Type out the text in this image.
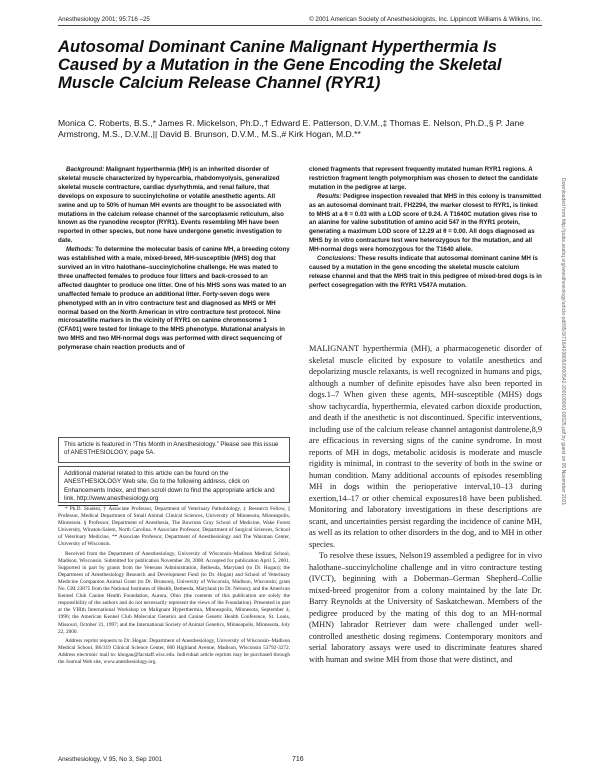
Anesthesiology 2001; 95:716 –25	© 2001 American Society of Anesthesiologists, Inc. Lippincott Williams & Wilkins, Inc.
Autosomal Dominant Canine Malignant Hyperthermia Is Caused by a Mutation in the Gene Encoding the Skeletal Muscle Calcium Release Channel (RYR1)
Monica C. Roberts, B.S.,* James R. Mickelson, Ph.D.,† Edward E. Patterson, D.V.M.,‡ Thomas E. Nelson, Ph.D.,§ P. Jane Armstrong, M.S., D.V.M.,|| David B. Brunson, D.V.M., M.S.,# Kirk Hogan, M.D.**

Background: Malignant hyperthermia (MH) is an inherited disorder of skeletal muscle characterized by hypercarbia, rhabdomyolysis, generalized skeletal muscle contracture, cardiac dysrhythmia, and renal failure, that develops on exposure to succinylcholine or volatile anesthetic agents. All swine and up to 50% of human MH events are thought to be associated with mutations in the calcium release channel of the sarcoplasmic reticulum, also known as the ryanodine receptor (RYR1). Events resembling MH have been reported in other species, but none have undergone genetic investigation to date.

Methods: To determine the molecular basis of canine MH, a breeding colony was established with a male, mixed-breed, MH-susceptible (MHS) dog that survived an in vitro halothane–succinylcholine challenge. He was mated to three unaffected females to produce four litters and back-crossed to an affected daughter to produce one litter. One of his MHS sons was mated to an unaffected female to produce an additional litter. Forty-seven dogs were phenotyped with an in vitro contracture test and diagnosed as MHS or MH normal based on the North American in vitro contracture test protocol. Nine microsatellite markers in the vicinity of RYR1 on canine chromosome 1 (CFA01) were tested for linkage to the MHS phenotype. Mutational analysis in two MHS and two MH-normal dogs was performed with direct sequencing of polymerase chain reaction products and of

cloned fragments that represent frequently mutated human RYR1 regions. A restriction fragment length polymorphism was chosen to detect the candidate mutation in the pedigree at large.

Results: Pedigree inspection revealed that MHS in this colony is transmitted as an autosomal dominant trait. FH2294, the marker closest to RYR1, is linked to MHS at a θ = 0.03 with a LOD score of 9.24. A T1640C mutation gives rise to an alanine for valine substitution of amino acid 547 in the RYR1 protein, generating a maximum LOD score of 12.29 at θ = 0.00. All dogs diagnosed as MHS by in vitro contracture test were heterozygous for the mutation, and all MH-normal dogs were homozygous for the T1640 allele.

Conclusions: These results indicate that autosomal dominant canine MH is caused by a mutation in the gene encoding the skeletal muscle calcium release channel and that the MHS trait in this pedigree of mixed-bred dogs is in perfect cosegregation with the RYR1 V547A mutation.

This article is featured in “This Month in Anesthesiology.” Please see this issue of ANESTHESIOLOGY, page 5A.
Additional material related to this article can be found on the ANESTHESIOLOGY Web site. Go to the following address, click on Enhancements Index, and then scroll down to find the appropriate article and link. http://www.anesthesiology.org

* Ph.D. Student, † Associate Professor, Department of Veterinary Pathobiology, ‡ Research Fellow, || Professor, Medical Department of Small Animal Clinical Sciences, University of Minnesota, Minneapolis, Minnesota. § Professor, Department of Anesthesia, The Bowman Gray School of Medicine, Wake Forest University, Winston-Salem, North Carolina. # Associate Professor, Department of Surgical Sciences, School of Veterinary Medicine, ** Associate Professor, Department of Anesthesiology and The Waisman Center, University of Wisconsin.

Received from the Department of Anesthesiology, University of Wisconsin–Madison Medical School, Madison, Wisconsin. Submitted for publication November 28, 2000. Accepted for publication April 5, 2001. Supported in part by grants from the Veterans Administration, Bethesda, Maryland (to Dr. Hogan); the Department of Anesthesiology Research and Development Fund (to Dr. Hogan) and School of Veterinary Medicine Companion Animal Grant (to Dr. Brunson), University of Wisconsin, Madison, Wisconsin; grant No. GM 23875 from the National Institutes of Health, Bethesda, Maryland (to Dr. Nelson); and the American Kennel Club Canine Health Foundation, Aurora, Ohio (the contents of this publication are solely the responsibility of the authors and do not necessarily represent the views of the Foundation). Presented in part at the VIIIth International Workshop on Malignant Hyperthermia, Minneapolis, Minnesota, September 4, 1996; the American Kennel Club Molecular Genetics and Canine Genetic Health Conference, St. Louis, Missouri, October 31, 1997; and the International Society of Animal Genetics, Minneapolis, Minnesota, July 22, 2000.

Address reprint requests to Dr. Hogan: Department of Anesthesiology, University of Wisconsin–Madison Medical School, B6/319 Clinical Science Center, 600 Highland Avenue, Madison, Wisconsin 53792-3272. Address electronic mail to: khogan@facstaff.wisc.edu. Individual article reprints may be purchased through the Journal Web site, www.anesthesiology.org.

MALIGNANT hyperthermia (MH), a pharmacogenetic disorder of skeletal muscle elicited by exposure to volatile anesthetics and depolarizing muscle relaxants, is well recognized in humans and pigs, although a number of definite episodes have also been reported in dogs.1–7 When given these agents, MH-susceptible (MHS) dogs show tachycardia, hyperthermia, elevated carbon dioxide production, and death if the anesthetic is not discontinued. Specific interventions, including use of the calcium release channel antagonist dantrolene,8,9 are efficacious in reversing signs of the canine syndrome. In most reports of MH in dogs, metabolic acidosis is moderate and muscle rigidity is minimal, in contrast to the severity of both in the swine or human condition. Many additional accounts of episodes resembling MH in dogs within the perioperative interval,10–13 during exertion,14–17 or other chemical exposures18 have been published. Monitoring and laboratory investigations in these descriptions are scant, and uncertainties persist regarding the incidence of canine MH, as well as its relation to other disorders in the dog, and to MH in other species.

To resolve these issues, Nelson19 assembled a pedigree for in vivo halothane–succinylcholine challenge and in vitro contracture testing (IVCT), beginning with a Doberman–German Shepherd–Collie mixed-breed progenitor from a colony maintained by the late Dr. Barry Reynolds at the University of Saskatchewan. Members of the pedigree produced by the mating of this dog to an MH-normal (MHN) labrador Retriever dam were challenged under well-controlled anesthetic dosing regimens. Contemporary monitors and serial laboratory assays were used to discriminate features shared with human and swine MH from those that were distinct, and

Anesthesiology, V 95, No 3, Sep 2001	716
Downloaded from http://pubs.asahq.org/anesthesiology/article-pdf/95/3/716/403805/0000542-200109000-00025.pdf by guest on 05 November 2021
